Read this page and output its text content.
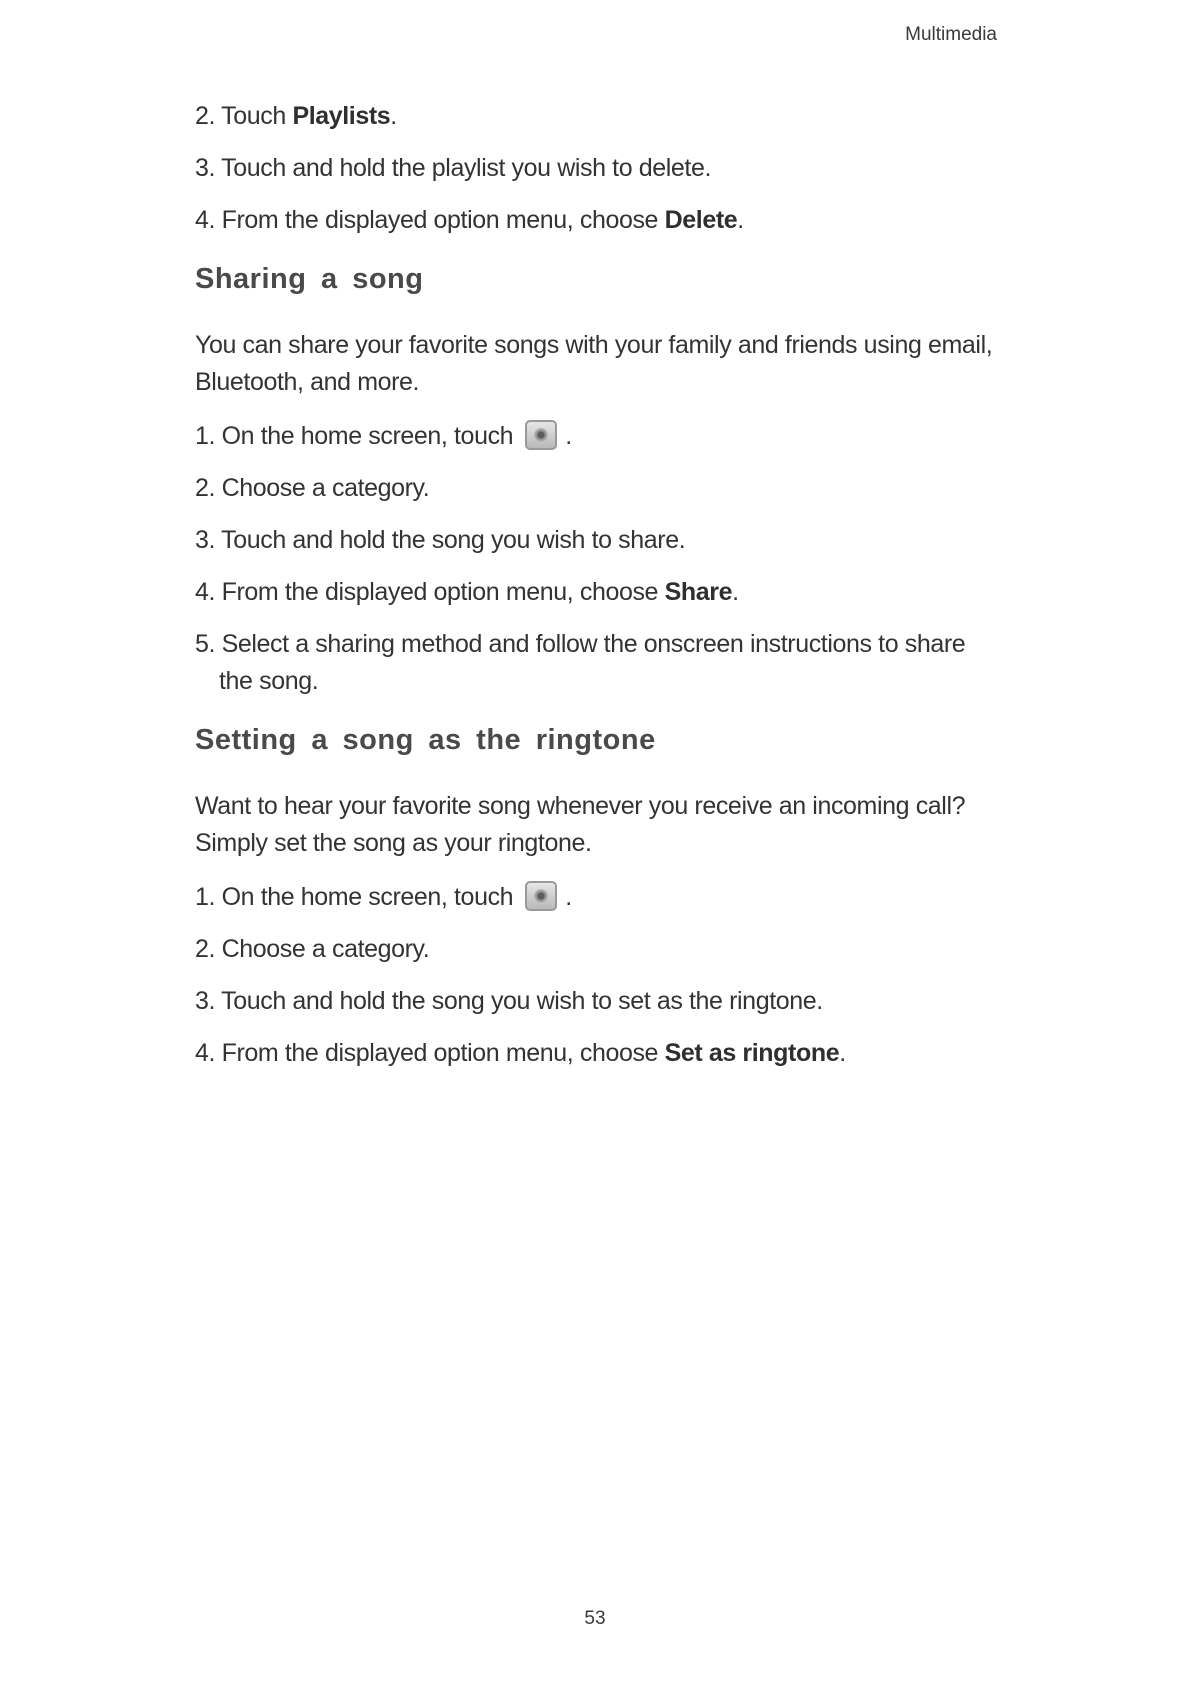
Multimedia

2. Touch Playlists.

3. Touch and hold the playlist you wish to delete.

4. From the displayed option menu, choose Delete.

Sharing a song

You can share your favorite songs with your family and friends using email, Bluetooth, and more.

1. On the home screen, touch .

2. Choose a category.

3. Touch and hold the song you wish to share.

4. From the displayed option menu, choose Share.

5. Select a sharing method and follow the onscreen instructions to share the song.

Setting a song as the ringtone

Want to hear your favorite song whenever you receive an incoming call? Simply set the song as your ringtone.

1. On the home screen, touch .

2. Choose a category.

3. Touch and hold the song you wish to set as the ringtone.

4. From the displayed option menu, choose Set as ringtone.

53
